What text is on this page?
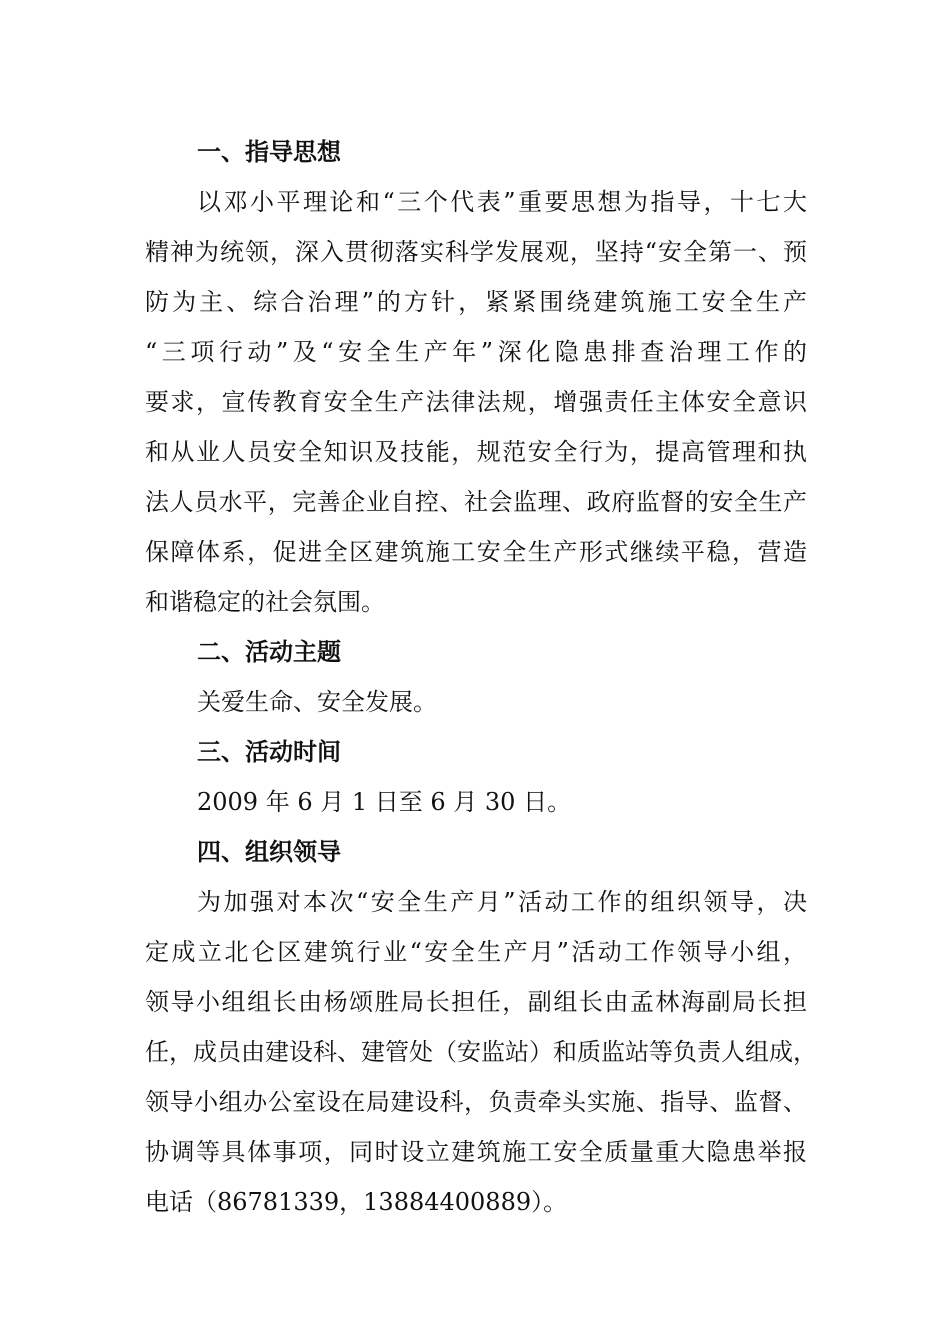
一、指导思想

以邓小平理论和“三个代表”重要思想为指导，十七大

精神为统领，深入贯彻落实科学发展观，坚持“安全第一、预

防为主、综合治理”的方针，紧紧围绕建筑施工安全生产

“三项行动”及“安全生产年”深化隐患排查治理工作的

要求，宣传教育安全生产法律法规，增强责任主体安全意识

和从业人员安全知识及技能，规范安全行为，提高管理和执

法人员水平，完善企业自控、社会监理、政府监督的安全生产

保障体系，促进全区建筑施工安全生产形式继续平稳，营造

和谐稳定的社会氛围。

二、活动主题

关爱生命、安全发展。

三、活动时间

2009 年 6 月 1 日至 6 月 30 日。

四、组织领导

为加强对本次“安全生产月”活动工作的组织领导，决

定成立北仑区建筑行业“安全生产月”活动工作领导小组，

领导小组组长由杨颂胜局长担任，副组长由孟林海副局长担

任，成员由建设科、建管处（安监站）和质监站等负责人组成，

领导小组办公室设在局建设科，负责牵头实施、指导、监督、

协调等具体事项，同时设立建筑施工安全质量重大隐患举报

电话（86781339，13884400889）。
